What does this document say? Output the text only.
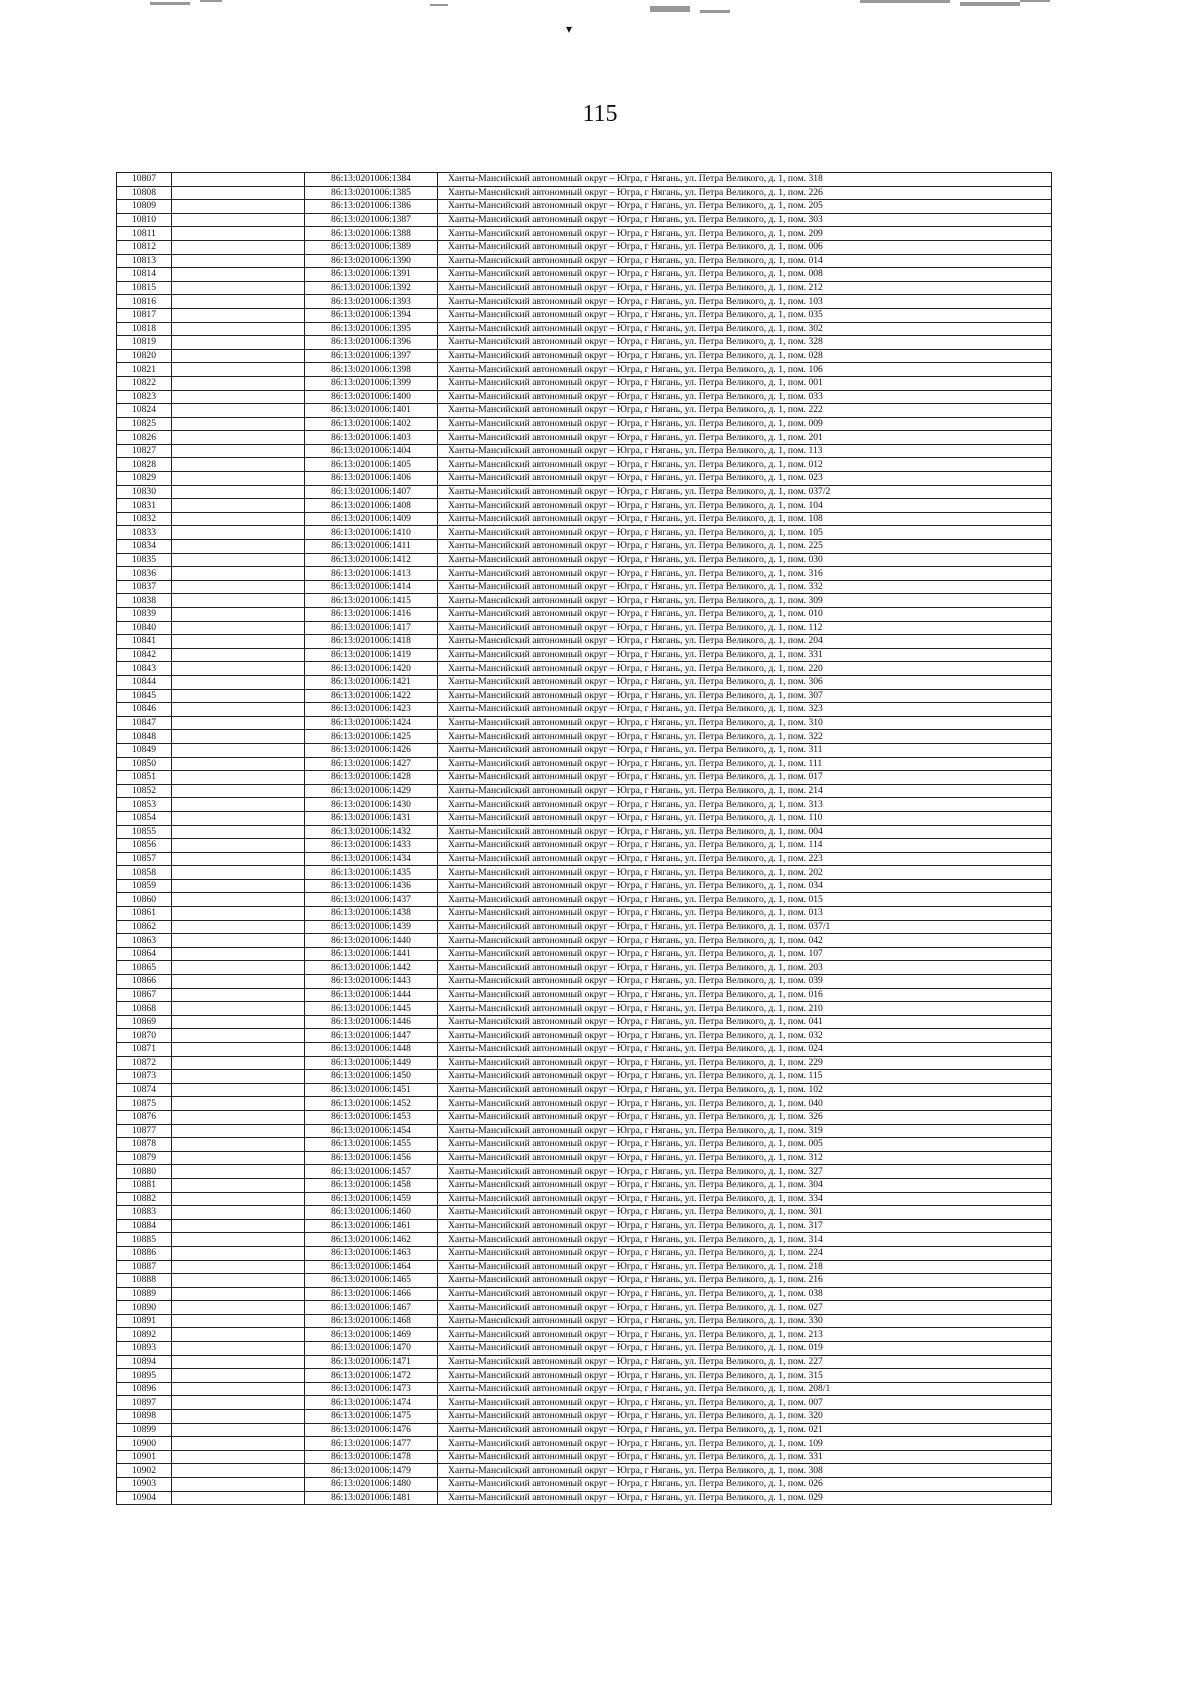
▾
115
10807		86:13:0201006:1384	Ханты-Мансийский автономный округ – Югра, г Нягань, ул. Петра Великого, д. 1, пом. 318
10808		86:13:0201006:1385	Ханты-Мансийский автономный округ – Югра, г Нягань, ул. Петра Великого, д. 1, пом. 226
10809		86:13:0201006:1386	Ханты-Мансийский автономный округ – Югра, г Нягань, ул. Петра Великого, д. 1, пом. 205
10810		86:13:0201006:1387	Ханты-Мансийский автономный округ – Югра, г Нягань, ул. Петра Великого, д. 1, пом. 303
10811		86:13:0201006:1388	Ханты-Мансийский автономный округ – Югра, г Нягань, ул. Петра Великого, д. 1, пом. 209
10812		86:13:0201006:1389	Ханты-Мансийский автономный округ – Югра, г Нягань, ул. Петра Великого, д. 1, пом. 006
10813		86:13:0201006:1390	Ханты-Мансийский автономный округ – Югра, г Нягань, ул. Петра Великого, д. 1, пом. 014
10814		86:13:0201006:1391	Ханты-Мансийский автономный округ – Югра, г Нягань, ул. Петра Великого, д. 1, пом. 008
10815		86:13:0201006:1392	Ханты-Мансийский автономный округ – Югра, г Нягань, ул. Петра Великого, д. 1, пом. 212
10816		86:13:0201006:1393	Ханты-Мансийский автономный округ – Югра, г Нягань, ул. Петра Великого, д. 1, пом. 103
10817		86:13:0201006:1394	Ханты-Мансийский автономный округ – Югра, г Нягань, ул. Петра Великого, д. 1, пом. 035
10818		86:13:0201006:1395	Ханты-Мансийский автономный округ – Югра, г Нягань, ул. Петра Великого, д. 1, пом. 302
10819		86:13:0201006:1396	Ханты-Мансийский автономный округ – Югра, г Нягань, ул. Петра Великого, д. 1, пом. 328
10820		86:13:0201006:1397	Ханты-Мансийский автономный округ – Югра, г Нягань, ул. Петра Великого, д. 1, пом. 028
10821		86:13:0201006:1398	Ханты-Мансийский автономный округ – Югра, г Нягань, ул. Петра Великого, д. 1, пом. 106
10822		86:13:0201006:1399	Ханты-Мансийский автономный округ – Югра, г Нягань, ул. Петра Великого, д. 1, пом. 001
10823		86:13:0201006:1400	Ханты-Мансийский автономный округ – Югра, г Нягань, ул. Петра Великого, д. 1, пом. 033
10824		86:13:0201006:1401	Ханты-Мансийский автономный округ – Югра, г Нягань, ул. Петра Великого, д. 1, пом. 222
10825		86:13:0201006:1402	Ханты-Мансийский автономный округ – Югра, г Нягань, ул. Петра Великого, д. 1, пом. 009
10826		86:13:0201006:1403	Ханты-Мансийский автономный округ – Югра, г Нягань, ул. Петра Великого, д. 1, пом. 201
10827		86:13:0201006:1404	Ханты-Мансийский автономный округ – Югра, г Нягань, ул. Петра Великого, д. 1, пом. 113
10828		86:13:0201006:1405	Ханты-Мансийский автономный округ – Югра, г Нягань, ул. Петра Великого, д. 1, пом. 012
10829		86:13:0201006:1406	Ханты-Мансийский автономный округ – Югра, г Нягань, ул. Петра Великого, д. 1, пом. 023
10830		86:13:0201006:1407	Ханты-Мансийский автономный округ – Югра, г Нягань, ул. Петра Великого, д. 1, пом. 037/2
10831		86:13:0201006:1408	Ханты-Мансийский автономный округ – Югра, г Нягань, ул. Петра Великого, д. 1, пом. 104
10832		86:13:0201006:1409	Ханты-Мансийский автономный округ – Югра, г Нягань, ул. Петра Великого, д. 1, пом. 108
10833		86:13:0201006:1410	Ханты-Мансийский автономный округ – Югра, г Нягань, ул. Петра Великого, д. 1, пом. 105
10834		86:13:0201006:1411	Ханты-Мансийский автономный округ – Югра, г Нягань, ул. Петра Великого, д. 1, пом. 225
10835		86:13:0201006:1412	Ханты-Мансийский автономный округ – Югра, г Нягань, ул. Петра Великого, д. 1, пом. 030
10836		86:13:0201006:1413	Ханты-Мансийский автономный округ – Югра, г Нягань, ул. Петра Великого, д. 1, пом. 316
10837		86:13:0201006:1414	Ханты-Мансийский автономный округ – Югра, г Нягань, ул. Петра Великого, д. 1, пом. 332
10838		86:13:0201006:1415	Ханты-Мансийский автономный округ – Югра, г Нягань, ул. Петра Великого, д. 1, пом. 309
10839		86:13:0201006:1416	Ханты-Мансийский автономный округ – Югра, г Нягань, ул. Петра Великого, д. 1, пом. 010
10840		86:13:0201006:1417	Ханты-Мансийский автономный округ – Югра, г Нягань, ул. Петра Великого, д. 1, пом. 112
10841		86:13:0201006:1418	Ханты-Мансийский автономный округ – Югра, г Нягань, ул. Петра Великого, д. 1, пом. 204
10842		86:13:0201006:1419	Ханты-Мансийский автономный округ – Югра, г Нягань, ул. Петра Великого, д. 1, пом. 331
10843		86:13:0201006:1420	Ханты-Мансийский автономный округ – Югра, г Нягань, ул. Петра Великого, д. 1, пом. 220
10844		86:13:0201006:1421	Ханты-Мансийский автономный округ – Югра, г Нягань, ул. Петра Великого, д. 1, пом. 306
10845		86:13:0201006:1422	Ханты-Мансийский автономный округ – Югра, г Нягань, ул. Петра Великого, д. 1, пом. 307
10846		86:13:0201006:1423	Ханты-Мансийский автономный округ – Югра, г Нягань, ул. Петра Великого, д. 1, пом. 323
10847		86:13:0201006:1424	Ханты-Мансийский автономный округ – Югра, г Нягань, ул. Петра Великого, д. 1, пом. 310
10848		86:13:0201006:1425	Ханты-Мансийский автономный округ – Югра, г Нягань, ул. Петра Великого, д. 1, пом. 322
10849		86:13:0201006:1426	Ханты-Мансийский автономный округ – Югра, г Нягань, ул. Петра Великого, д. 1, пом. 311
10850		86:13:0201006:1427	Ханты-Мансийский автономный округ – Югра, г Нягань, ул. Петра Великого, д. 1, пом. 111
10851		86:13:0201006:1428	Ханты-Мансийский автономный округ – Югра, г Нягань, ул. Петра Великого, д. 1, пом. 017
10852		86:13:0201006:1429	Ханты-Мансийский автономный округ – Югра, г Нягань, ул. Петра Великого, д. 1, пом. 214
10853		86:13:0201006:1430	Ханты-Мансийский автономный округ – Югра, г Нягань, ул. Петра Великого, д. 1, пом. 313
10854		86:13:0201006:1431	Ханты-Мансийский автономный округ – Югра, г Нягань, ул. Петра Великого, д. 1, пом. 110
10855		86:13:0201006:1432	Ханты-Мансийский автономный округ – Югра, г Нягань, ул. Петра Великого, д. 1, пом. 004
10856		86:13:0201006:1433	Ханты-Мансийский автономный округ – Югра, г Нягань, ул. Петра Великого, д. 1, пом. 114
10857		86:13:0201006:1434	Ханты-Мансийский автономный округ – Югра, г Нягань, ул. Петра Великого, д. 1, пом. 223
10858		86:13:0201006:1435	Ханты-Мансийский автономный округ – Югра, г Нягань, ул. Петра Великого, д. 1, пом. 202
10859		86:13:0201006:1436	Ханты-Мансийский автономный округ – Югра, г Нягань, ул. Петра Великого, д. 1, пом. 034
10860		86:13:0201006:1437	Ханты-Мансийский автономный округ – Югра, г Нягань, ул. Петра Великого, д. 1, пом. 015
10861		86:13:0201006:1438	Ханты-Мансийский автономный округ – Югра, г Нягань, ул. Петра Великого, д. 1, пом. 013
10862		86:13:0201006:1439	Ханты-Мансийский автономный округ – Югра, г Нягань, ул. Петра Великого, д. 1, пом. 037/1
10863		86:13:0201006:1440	Ханты-Мансийский автономный округ – Югра, г Нягань, ул. Петра Великого, д. 1, пом. 042
10864		86:13:0201006:1441	Ханты-Мансийский автономный округ – Югра, г Нягань, ул. Петра Великого, д. 1, пом. 107
10865		86:13:0201006:1442	Ханты-Мансийский автономный округ – Югра, г Нягань, ул. Петра Великого, д. 1, пом. 203
10866		86:13:0201006:1443	Ханты-Мансийский автономный округ – Югра, г Нягань, ул. Петра Великого, д. 1, пом. 039
10867		86:13:0201006:1444	Ханты-Мансийский автономный округ – Югра, г Нягань, ул. Петра Великого, д. 1, пом. 016
10868		86:13:0201006:1445	Ханты-Мансийский автономный округ – Югра, г Нягань, ул. Петра Великого, д. 1, пом. 210
10869		86:13:0201006:1446	Ханты-Мансийский автономный округ – Югра, г Нягань, ул. Петра Великого, д. 1, пом. 041
10870		86:13:0201006:1447	Ханты-Мансийский автономный округ – Югра, г Нягань, ул. Петра Великого, д. 1, пом. 032
10871		86:13:0201006:1448	Ханты-Мансийский автономный округ – Югра, г Нягань, ул. Петра Великого, д. 1, пом. 024
10872		86:13:0201006:1449	Ханты-Мансийский автономный округ – Югра, г Нягань, ул. Петра Великого, д. 1, пом. 229
10873		86:13:0201006:1450	Ханты-Мансийский автономный округ – Югра, г Нягань, ул. Петра Великого, д. 1, пом. 115
10874		86:13:0201006:1451	Ханты-Мансийский автономный округ – Югра, г Нягань, ул. Петра Великого, д. 1, пом. 102
10875		86:13:0201006:1452	Ханты-Мансийский автономный округ – Югра, г Нягань, ул. Петра Великого, д. 1, пом. 040
10876		86:13:0201006:1453	Ханты-Мансийский автономный округ – Югра, г Нягань, ул. Петра Великого, д. 1, пом. 326
10877		86:13:0201006:1454	Ханты-Мансийский автономный округ – Югра, г Нягань, ул. Петра Великого, д. 1, пом. 319
10878		86:13:0201006:1455	Ханты-Мансийский автономный округ – Югра, г Нягань, ул. Петра Великого, д. 1, пом. 005
10879		86:13:0201006:1456	Ханты-Мансийский автономный округ – Югра, г Нягань, ул. Петра Великого, д. 1, пом. 312
10880		86:13:0201006:1457	Ханты-Мансийский автономный округ – Югра, г Нягань, ул. Петра Великого, д. 1, пом. 327
10881		86:13:0201006:1458	Ханты-Мансийский автономный округ – Югра, г Нягань, ул. Петра Великого, д. 1, пом. 304
10882		86:13:0201006:1459	Ханты-Мансийский автономный округ – Югра, г Нягань, ул. Петра Великого, д. 1, пом. 334
10883		86:13:0201006:1460	Ханты-Мансийский автономный округ – Югра, г Нягань, ул. Петра Великого, д. 1, пом. 301
10884		86:13:0201006:1461	Ханты-Мансийский автономный округ – Югра, г Нягань, ул. Петра Великого, д. 1, пом. 317
10885		86:13:0201006:1462	Ханты-Мансийский автономный округ – Югра, г Нягань, ул. Петра Великого, д. 1, пом. 314
10886		86:13:0201006:1463	Ханты-Мансийский автономный округ – Югра, г Нягань, ул. Петра Великого, д. 1, пом. 224
10887		86:13:0201006:1464	Ханты-Мансийский автономный округ – Югра, г Нягань, ул. Петра Великого, д. 1, пом. 218
10888		86:13:0201006:1465	Ханты-Мансийский автономный округ – Югра, г Нягань, ул. Петра Великого, д. 1, пом. 216
10889		86:13:0201006:1466	Ханты-Мансийский автономный округ – Югра, г Нягань, ул. Петра Великого, д. 1, пом. 038
10890		86:13:0201006:1467	Ханты-Мансийский автономный округ – Югра, г Нягань, ул. Петра Великого, д. 1, пом. 027
10891		86:13:0201006:1468	Ханты-Мансийский автономный округ – Югра, г Нягань, ул. Петра Великого, д. 1, пом. 330
10892		86:13:0201006:1469	Ханты-Мансийский автономный округ – Югра, г Нягань, ул. Петра Великого, д. 1, пом. 213
10893		86:13:0201006:1470	Ханты-Мансийский автономный округ – Югра, г Нягань, ул. Петра Великого, д. 1, пом. 019
10894		86:13:0201006:1471	Ханты-Мансийский автономный округ – Югра, г Нягань, ул. Петра Великого, д. 1, пом. 227
10895		86:13:0201006:1472	Ханты-Мансийский автономный округ – Югра, г Нягань, ул. Петра Великого, д. 1, пом. 315
10896		86:13:0201006:1473	Ханты-Мансийский автономный округ – Югра, г Нягань, ул. Петра Великого, д. 1, пом. 208/1
10897		86:13:0201006:1474	Ханты-Мансийский автономный округ – Югра, г Нягань, ул. Петра Великого, д. 1, пом. 007
10898		86:13:0201006:1475	Ханты-Мансийский автономный округ – Югра, г Нягань, ул. Петра Великого, д. 1, пом. 320
10899		86:13:0201006:1476	Ханты-Мансийский автономный округ – Югра, г Нягань, ул. Петра Великого, д. 1, пом. 021
10900		86:13:0201006:1477	Ханты-Мансийский автономный округ – Югра, г Нягань, ул. Петра Великого, д. 1, пом. 109
10901		86:13:0201006:1478	Ханты-Мансийский автономный округ – Югра, г Нягань, ул. Петра Великого, д. 1, пом. 331
10902		86:13:0201006:1479	Ханты-Мансийский автономный округ – Югра, г Нягань, ул. Петра Великого, д. 1, пом. 308
10903		86:13:0201006:1480	Ханты-Мансийский автономный округ – Югра, г Нягань, ул. Петра Великого, д. 1, пом. 026
10904		86:13:0201006:1481	Ханты-Мансийский автономный округ – Югра, г Нягань, ул. Петра Великого, д. 1, пом. 029
